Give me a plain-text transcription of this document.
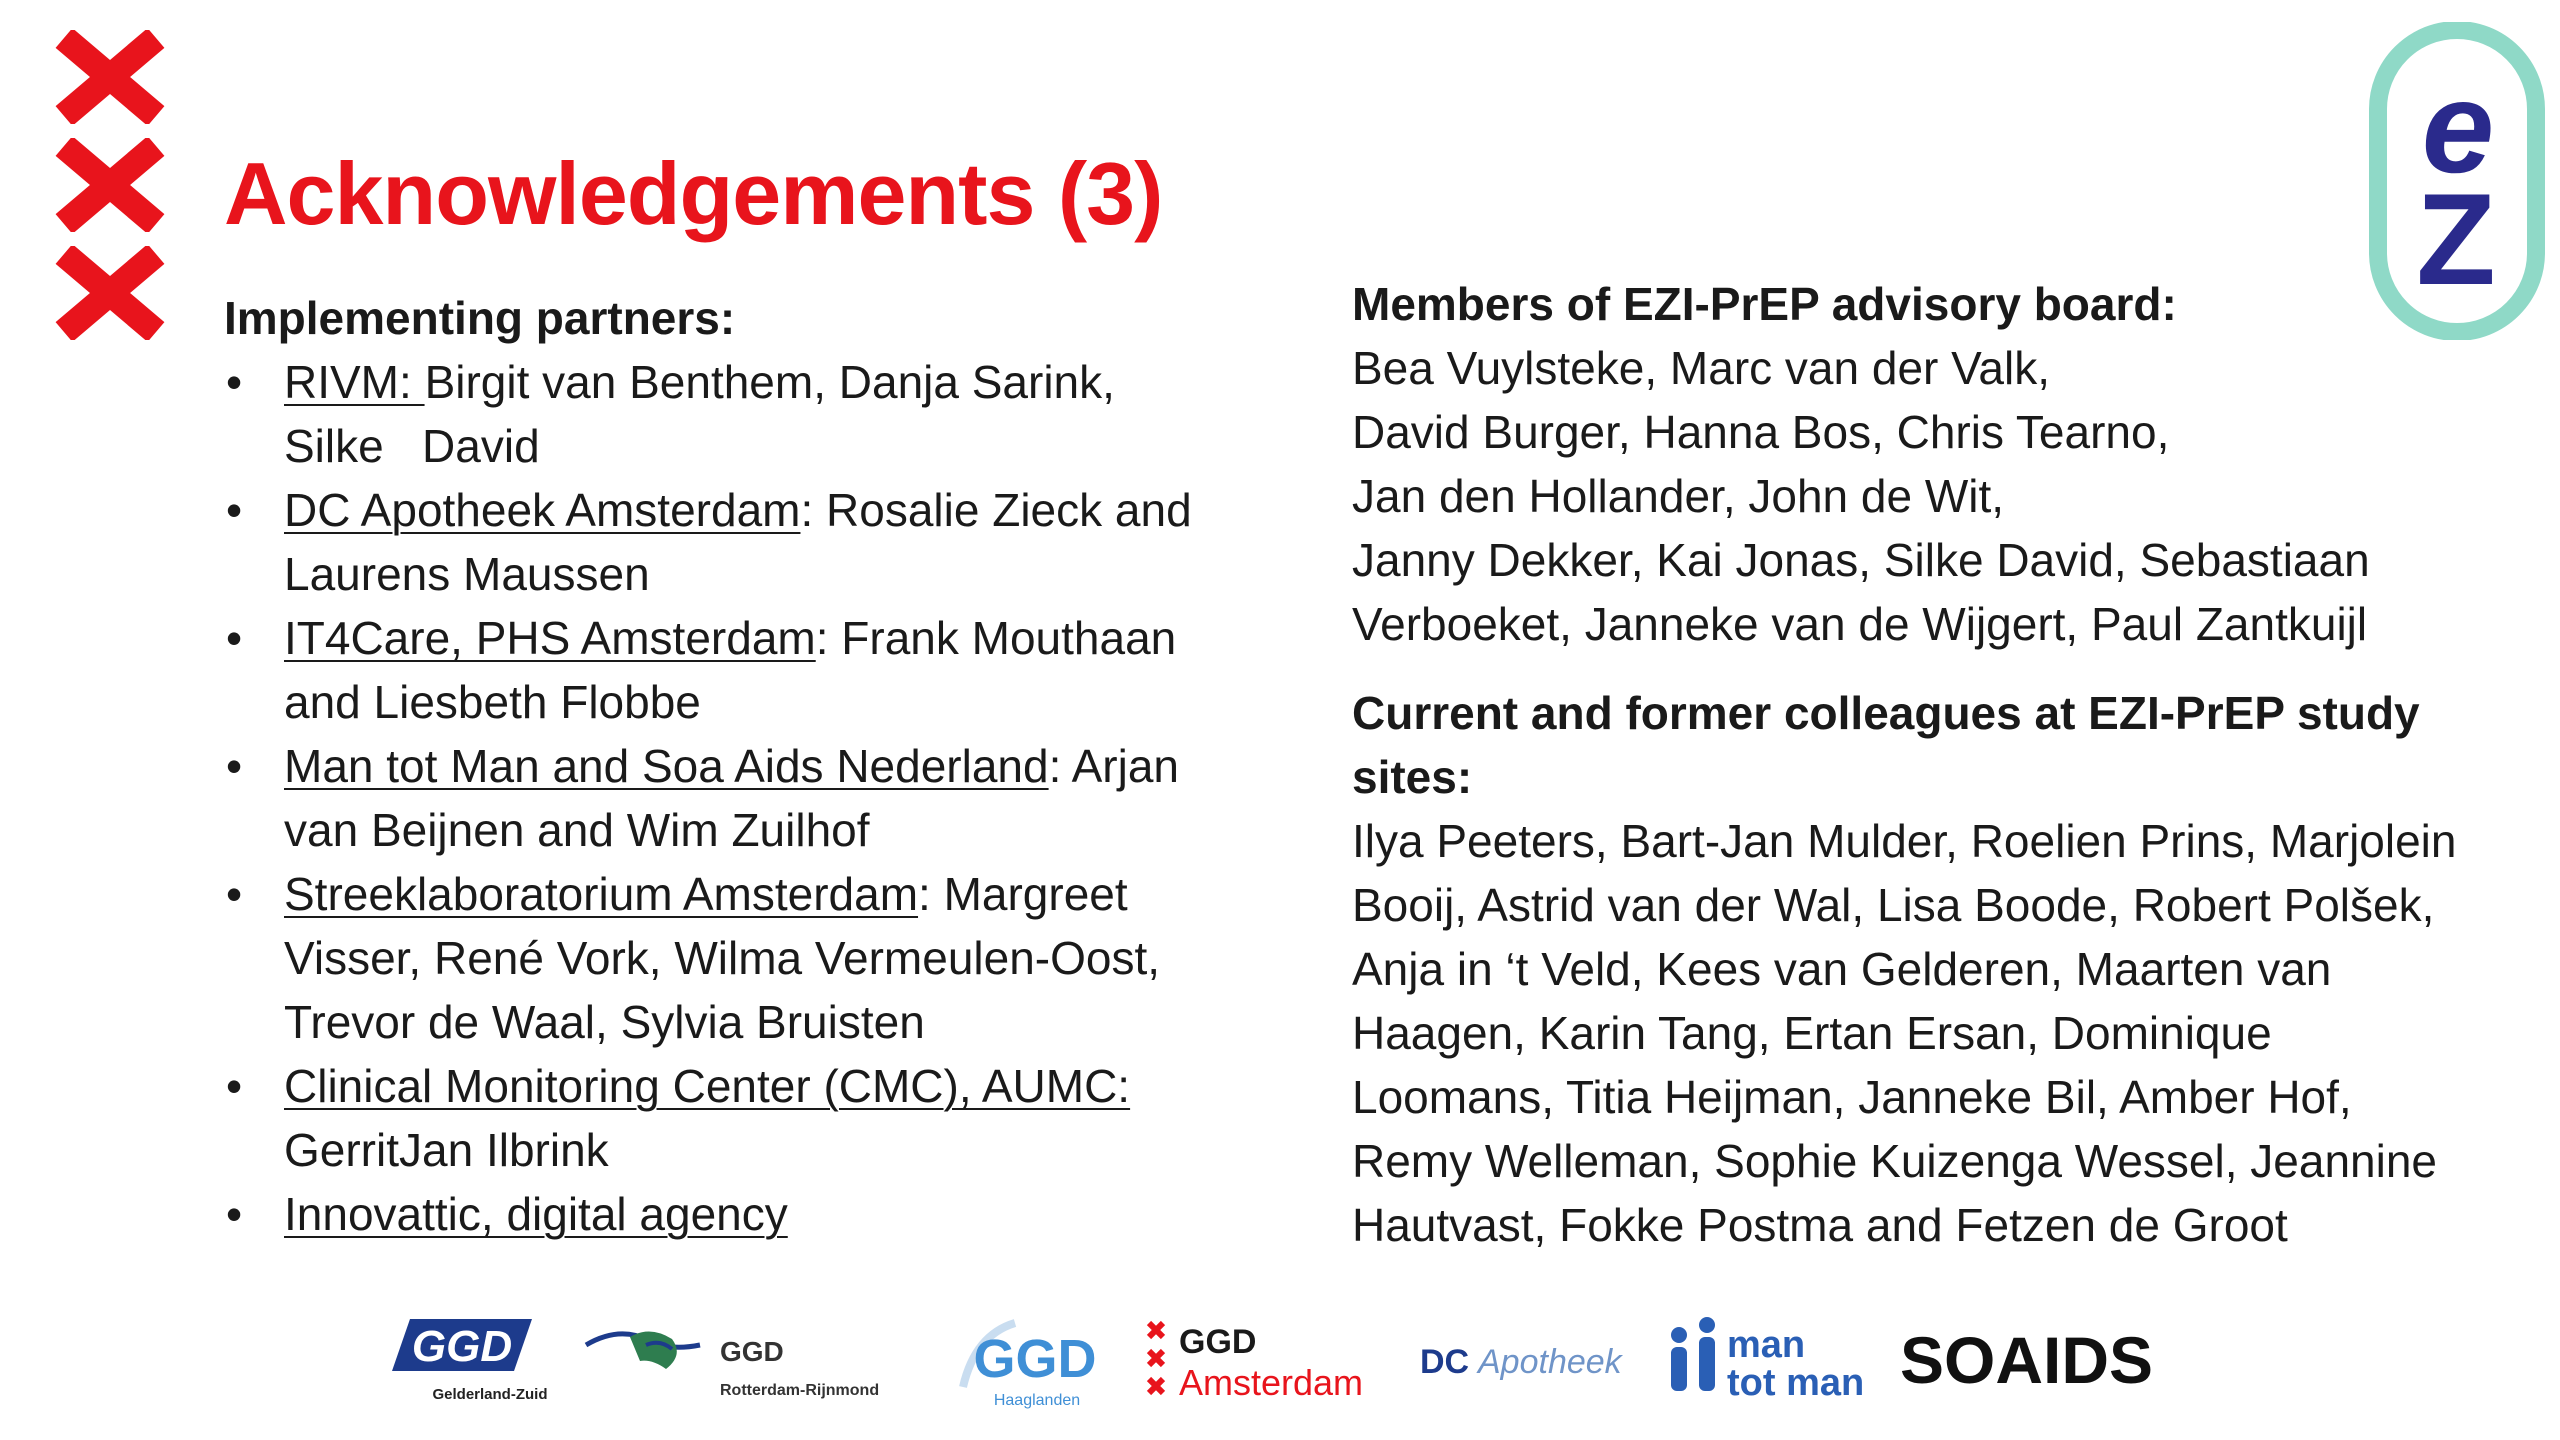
e
Z
Acknowledgements (3)

Implementing partners:

• RIVM: Birgit van Benthem, Danja Sarink,
Silke   David
• DC Apotheek Amsterdam: Rosalie Zieck and
Laurens Maussen
• IT4Care, PHS Amsterdam: Frank Mouthaan
and Liesbeth Flobbe
• Man tot Man and Soa Aids Nederland: Arjan
van Beijnen and Wim Zuilhof
• Streeklaboratorium Amsterdam: Margreet
Visser, René Vork, Wilma Vermeulen-Oost,
Trevor de Waal, Sylvia Bruisten
• Clinical Monitoring Center (CMC), AUMC:
GerritJan Ilbrink
• Innovattic, digital agency

Members of EZI-PrEP advisory board:

Bea Vuylsteke, Marc van der Valk,

David Burger, Hanna Bos, Chris Tearno,

Jan den Hollander, John de Wit,

Janny Dekker, Kai Jonas, Silke David, Sebastiaan

Verboeket, Janneke van de Wijgert, Paul Zantkuijl

Current and former colleagues at EZI-PrEP study

sites:

Ilya Peeters, Bart-Jan Mulder, Roelien Prins, Marjolein

Booij, Astrid van der Wal, Lisa Boode, Robert Polšek,

Anja in ‘t Veld, Kees van Gelderen, Maarten van

Haagen, Karin Tang, Ertan Ersan, Dominique

Loomans, Titia Heijman, Janneke Bil, Amber Hof,

Remy Welleman, Sophie Kuizenga Wessel, Jeannine

Hautvast, Fokke Postma and Fetzen de Groot

GGD
Gelderland-Zuid
GGD
Rotterdam-Rijnmond
GGD
Haaglanden
GGD
Amsterdam DC Apotheek	man
tot man SOAIDS
